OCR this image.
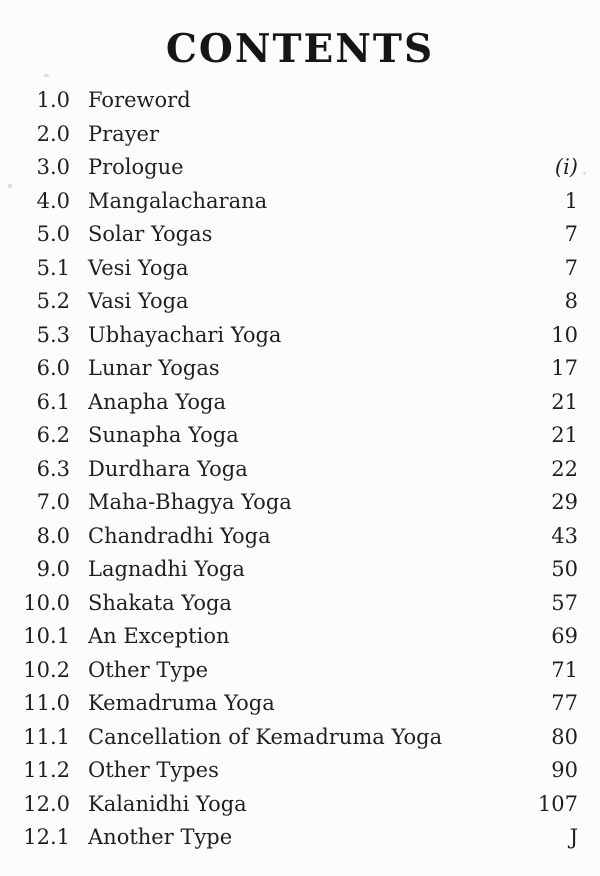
CONTENTS
1.0 Foreword
2.0 Prayer
3.0 Prologue	(i)
4.0 Mangalacharana	1
5.0 Solar Yogas	7
5.1 Vesi Yoga	7
5.2 Vasi Yoga	8
5.3 Ubhayachari Yoga	10
6.0 Lunar Yogas	17
6.1 Anapha Yoga	21
6.2 Sunapha Yoga	21
6.3 Durdhara Yoga	22
7.0 Maha-Bhagya Yoga	29
8.0 Chandradhi Yoga	43
9.0 Lagnadhi Yoga	50
10.0 Shakata Yoga	57
10.1 An Exception	69
10.2 Other Type	71
11.0 Kemadruma Yoga	77
11.1 Cancellation of Kemadruma Yoga	80
11.2 Other Types	90
12.0 Kalanidhi Yoga	107
12.1 Another Type	J
